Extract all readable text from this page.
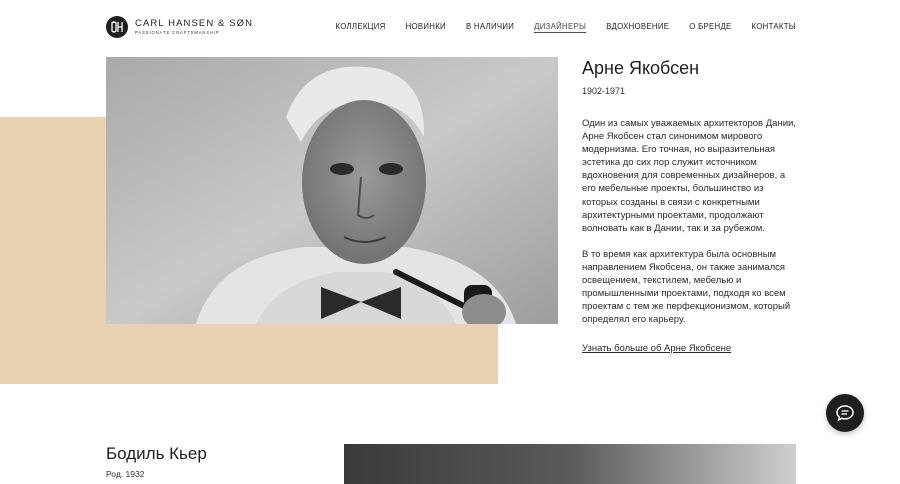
CARL HANSEN & SØN
PASSIONATE CRAFTSMANSHIP
КОЛЛЕКЦИЯ	НОВИНКИ	В НАЛИЧИИ	ДИЗАЙНЕРЫ	ВДОХНОВЕНИЕ	О БРЕНДЕ	КОНТАКТЫ
Арне Якобсен
1902-1971

Один из самых уважаемых архитекторов Дании, Арне Якобсен стал синонимом мирового модернизма. Его точная, но выразительная эстетика до сих пор служит источником вдохновения для современных дизайнеров, а его мебельные проекты, большинство из которых созданы в связи с конкретными архитектурными проектами, продолжают волновать как в Дании, так и за рубежом.

В то время как архитектура была основным направлением Якобсена, он также занимался освещением, текстилем, мебелью и промышленными проектами, подходя ко всем проектам с тем же перфекционизмом, который определял его карьеру.

Узнать больше об Арне Якобсене
Бодиль Кьер
Род. 1932
